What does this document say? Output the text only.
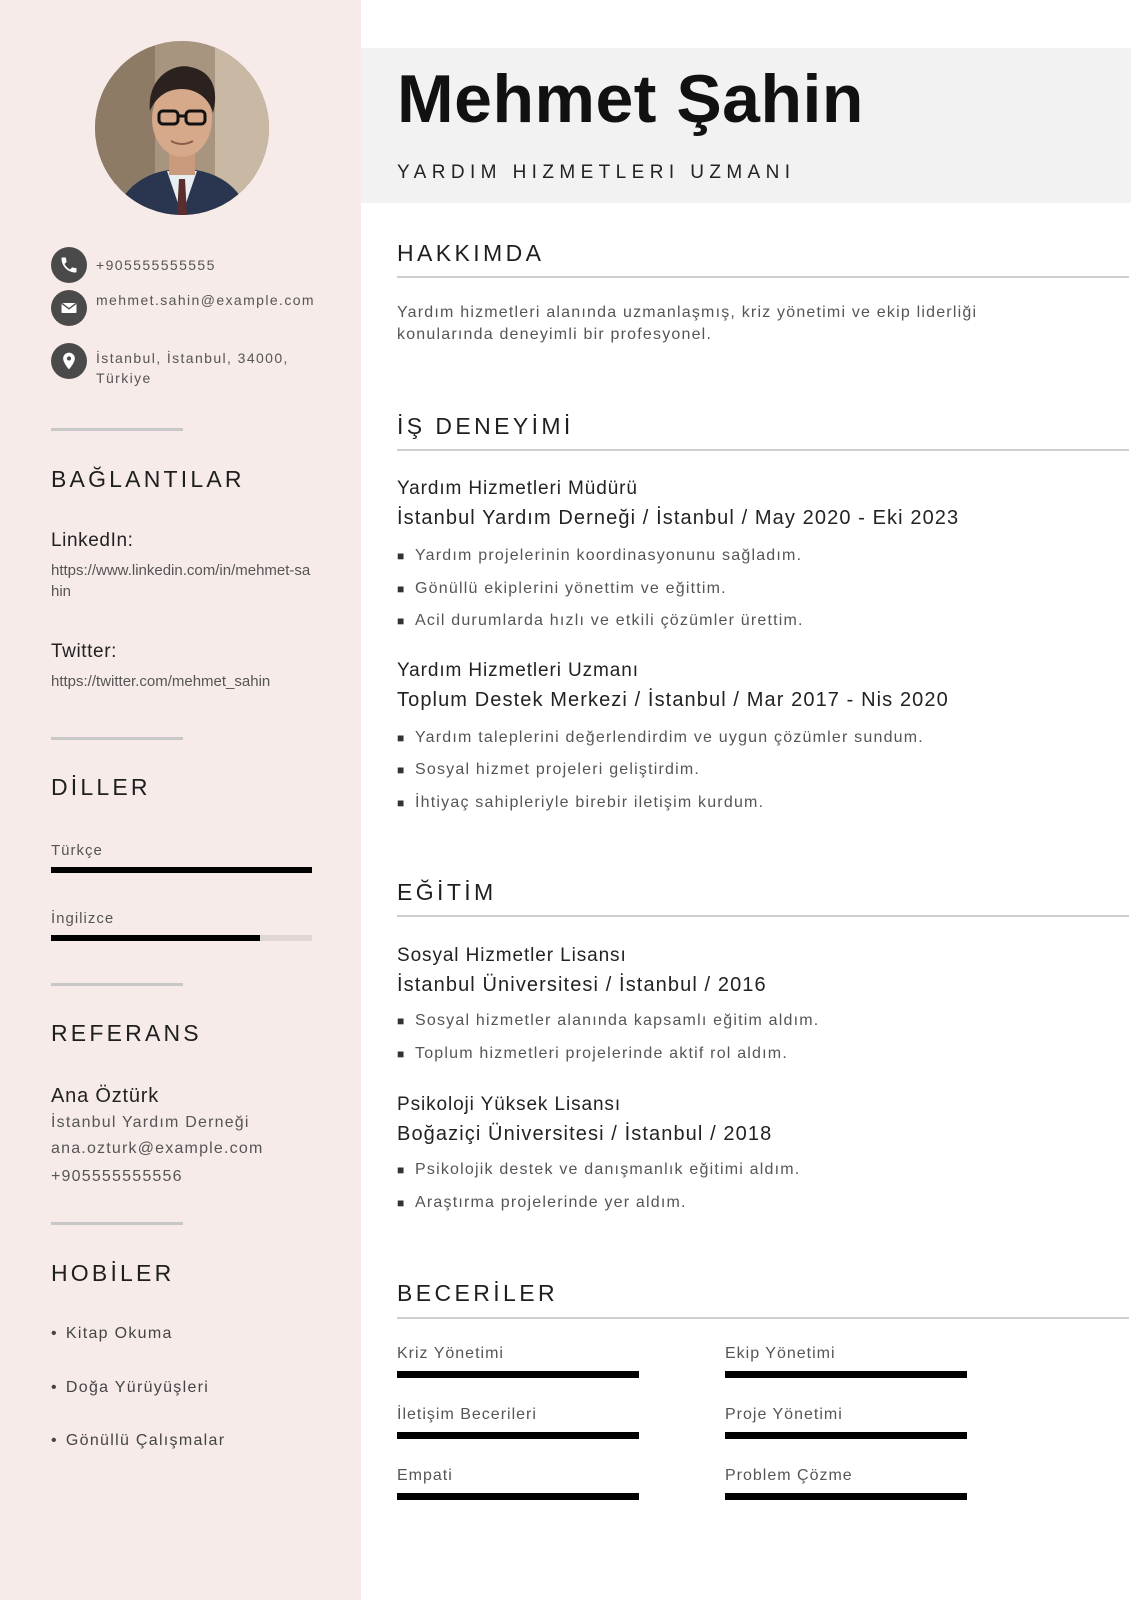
+905555555555
mehmet.sahin@example.com
İstanbul, İstanbul, 34000, Türkiye
BAĞLANTILAR
LinkedIn:
https://www.linkedin.com/in/mehmet-sahin
Twitter:
https://twitter.com/mehmet_sahin
DİLLER
Türkçe
İngilizce
REFERANS
Ana Öztürk
İstanbul Yardım Derneği
ana.ozturk@example.com
+905555555556
HOBİLER
• Kitap Okuma
• Doğa Yürüyüşleri
• Gönüllü Çalışmalar
Mehmet Şahin
YARDIM HIZMETLERI UZMANI
HAKKIMDA
Yardım hizmetleri alanında uzmanlaşmış, kriz yönetimi ve ekip liderliği konularında deneyimli bir profesyonel.
İŞ DENEYİMİ
Yardım Hizmetleri Müdürü
İstanbul Yardım Derneği / İstanbul / May 2020 - Eki 2023
■ Yardım projelerinin koordinasyonunu sağladım.
■ Gönüllü ekiplerini yönettim ve eğittim.
■ Acil durumlarda hızlı ve etkili çözümler ürettim.
Yardım Hizmetleri Uzmanı
Toplum Destek Merkezi / İstanbul / Mar 2017 - Nis 2020
■ Yardım taleplerini değerlendirdim ve uygun çözümler sundum.
■ Sosyal hizmet projeleri geliştirdim.
■ İhtiyaç sahipleriyle birebir iletişim kurdum.
EĞİTİM
Sosyal Hizmetler Lisansı
İstanbul Üniversitesi / İstanbul / 2016
■ Sosyal hizmetler alanında kapsamlı eğitim aldım.
■ Toplum hizmetleri projelerinde aktif rol aldım.
Psikoloji Yüksek Lisansı
Boğaziçi Üniversitesi / İstanbul / 2018
■ Psikolojik destek ve danışmanlık eğitimi aldım.
■ Araştırma projelerinde yer aldım.
BECERİLER
Kriz Yönetimi	Ekip Yönetimi
İletişim Becerileri	Proje Yönetimi
Empati	Problem Çözme
